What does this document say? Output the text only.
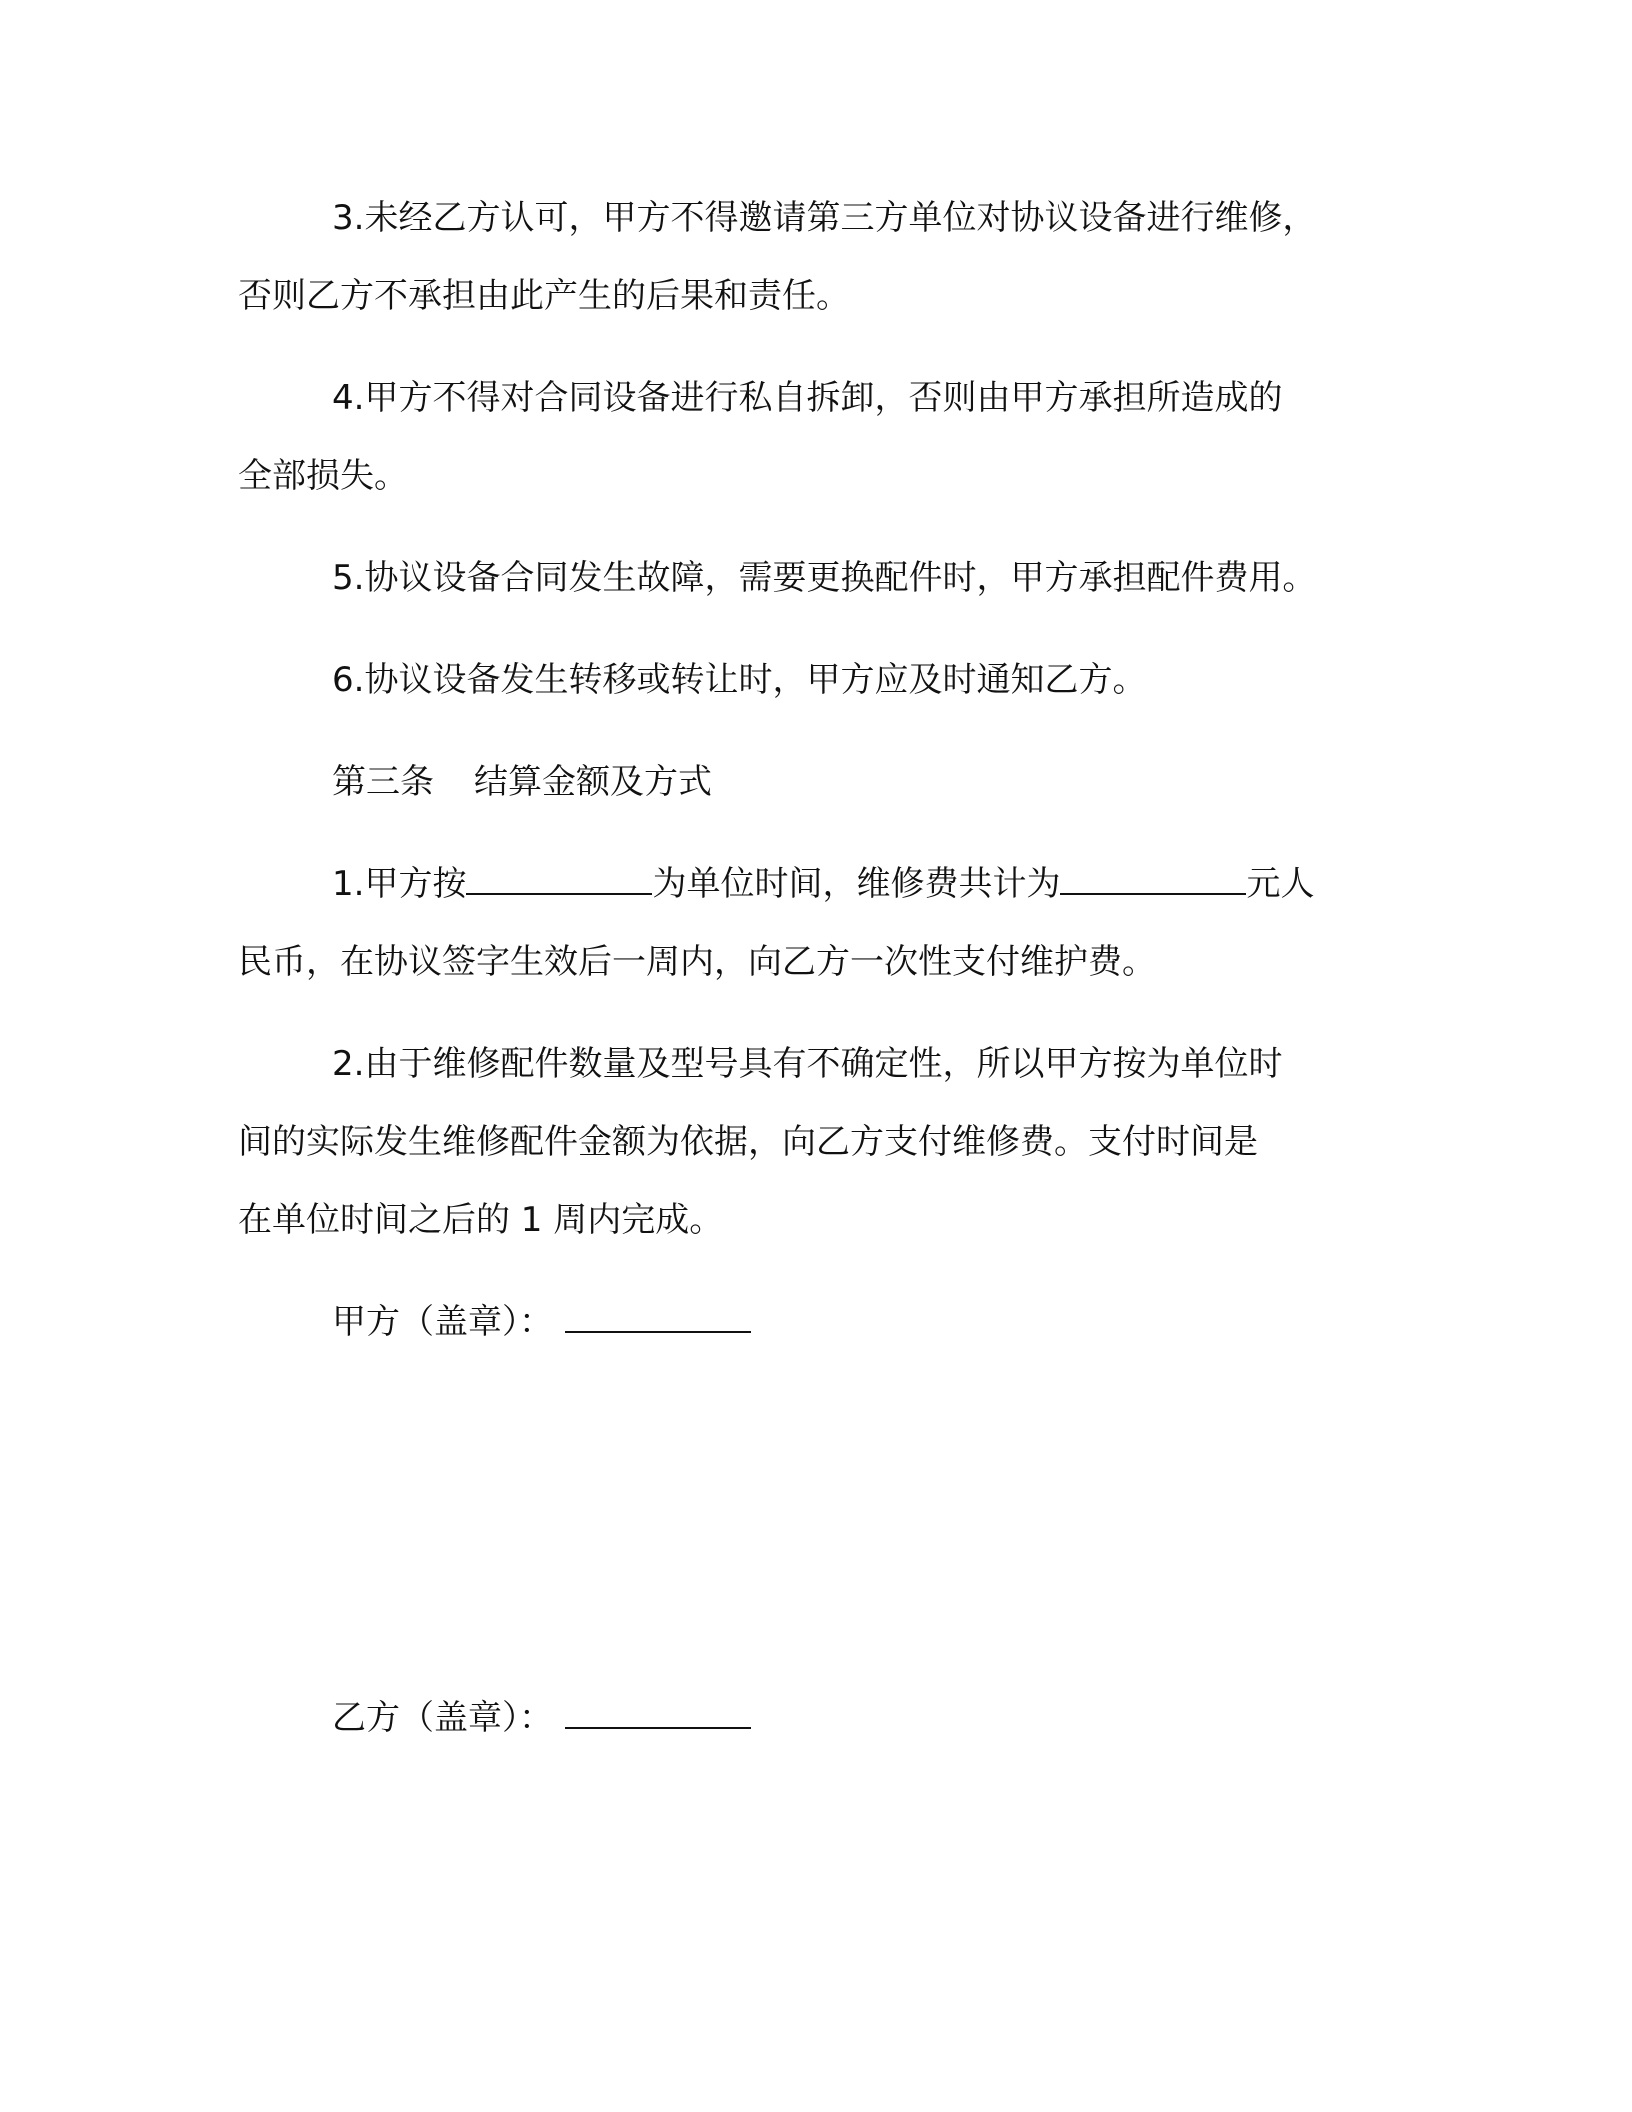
3.未经乙方认可，甲方不得邀请第三方单位对协议设备进行维修，
否则乙方不承担由此产生的后果和责任。
4.甲方不得对合同设备进行私自拆卸，否则由甲方承担所造成的
全部损失。
5.协议设备合同发生故障，需要更换配件时，甲方承担配件费用。
6.协议设备发生转移或转让时，甲方应及时通知乙方。
第三条 结算金额及方式
1.甲方按	为单位时间，维修费共计为	元人
民币，在协议签字生效后一周内，向乙方一次性支付维护费。
2.由于维修配件数量及型号具有不确定性，所以甲方按为单位时
间的实际发生维修配件金额为依据，向乙方支付维修费。支付时间是
在单位时间之后的 1 周内完成。
甲方（盖章）：
乙方（盖章）：
